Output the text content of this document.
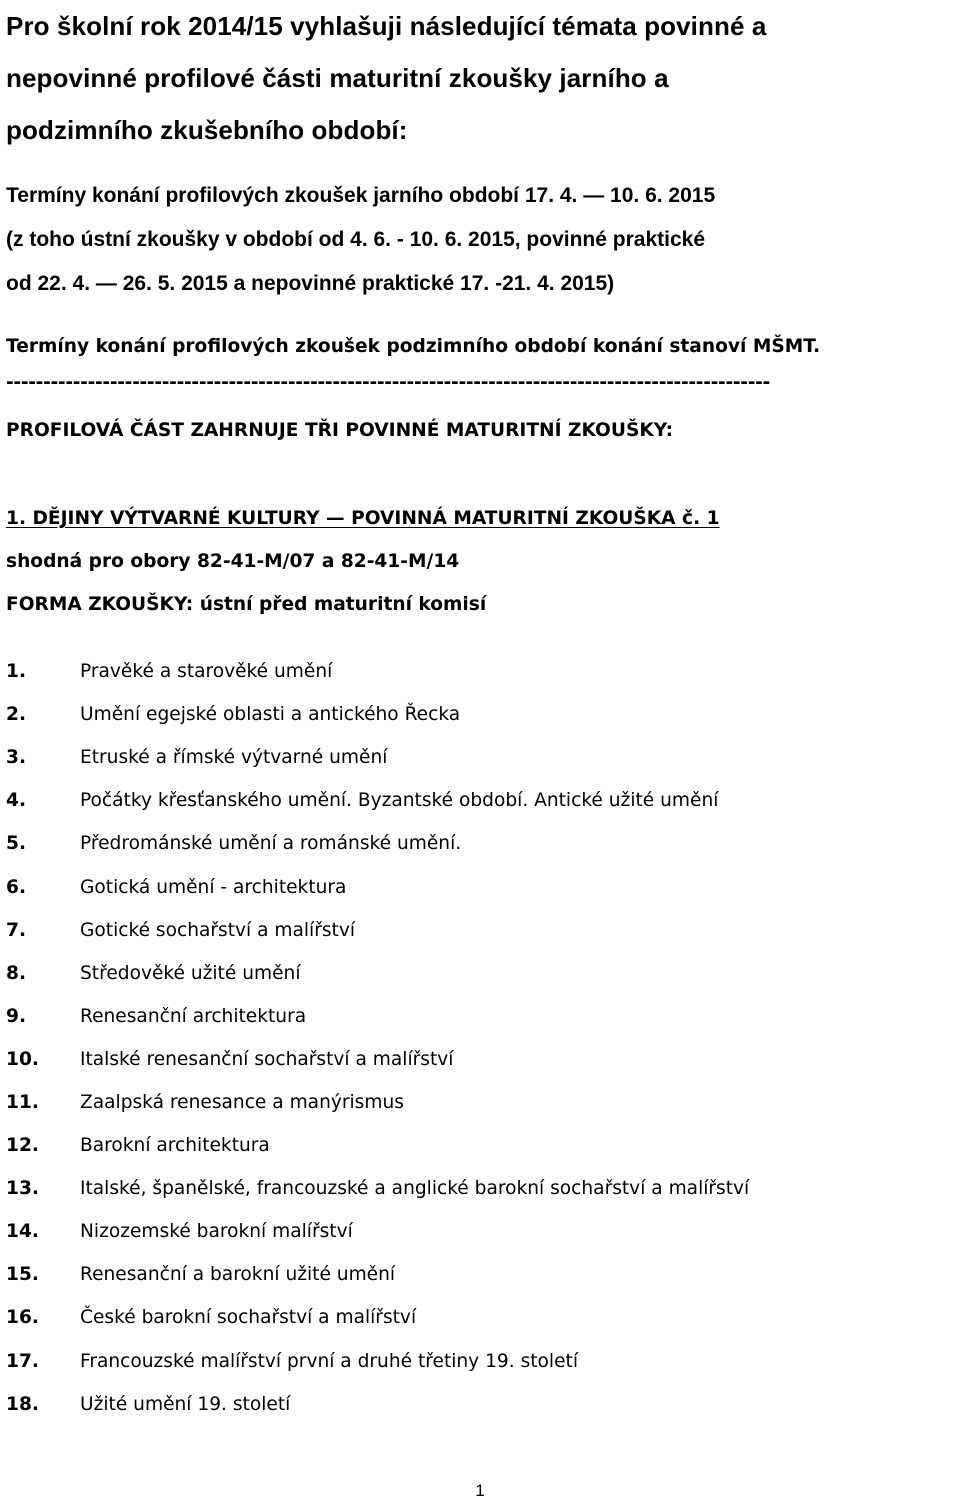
Pro školní rok 2014/15 vyhlašuji následující témata povinné a
nepovinné profilové části maturitní zkoušky jarního a
podzimního zkušebního období:

Termíny konání profilových zkoušek jarního období 17. 4. — 10. 6. 2015
(z toho ústní zkoušky v období od 4. 6. - 10. 6. 2015, povinné praktické
od 22. 4. — 26. 5. 2015 a nepovinné praktické 17. -21. 4. 2015)

Termíny konání profilových zkoušek podzimního období konání stanoví MŠMT.

-------------------------------------------------------------------------------------------------------

PROFILOVÁ ČÁST ZAHRNUJE TŘI POVINNÉ MATURITNÍ ZKOUŠKY:

1. DĚJINY VÝTVARNÉ KULTURY — POVINNÁ MATURITNÍ ZKOUŠKA č. 1

shodná pro obory 82-41-M/07 a 82-41-M/14

FORMA ZKOUŠKY: ústní před maturitní komisí

1.	Pravěké a starověké umění
2.	Umění egejské oblasti a antického Řecka
3.	Etruské a římské výtvarné umění
4.	Počátky křesťanského umění. Byzantské období. Antické užité umění
5.	Předrománské umění a románské umění.
6.	Gotická umění - architektura
7.	Gotické sochařství a malířství
8.	Středověké užité umění
9.	Renesanční architektura
10.	Italské renesanční sochařství a malířství
11.	Zaalpská renesance a manýrismus
12.	Barokní architektura
13.	Italské, španělské, francouzské a anglické barokní sochařství a malířství
14.	Nizozemské barokní malířství
15.	Renesanční a barokní užité umění
16.	České barokní sochařství a malířství
17.	Francouzské malířství první a druhé třetiny 19. století
18.	Užité umění 19. století
1
